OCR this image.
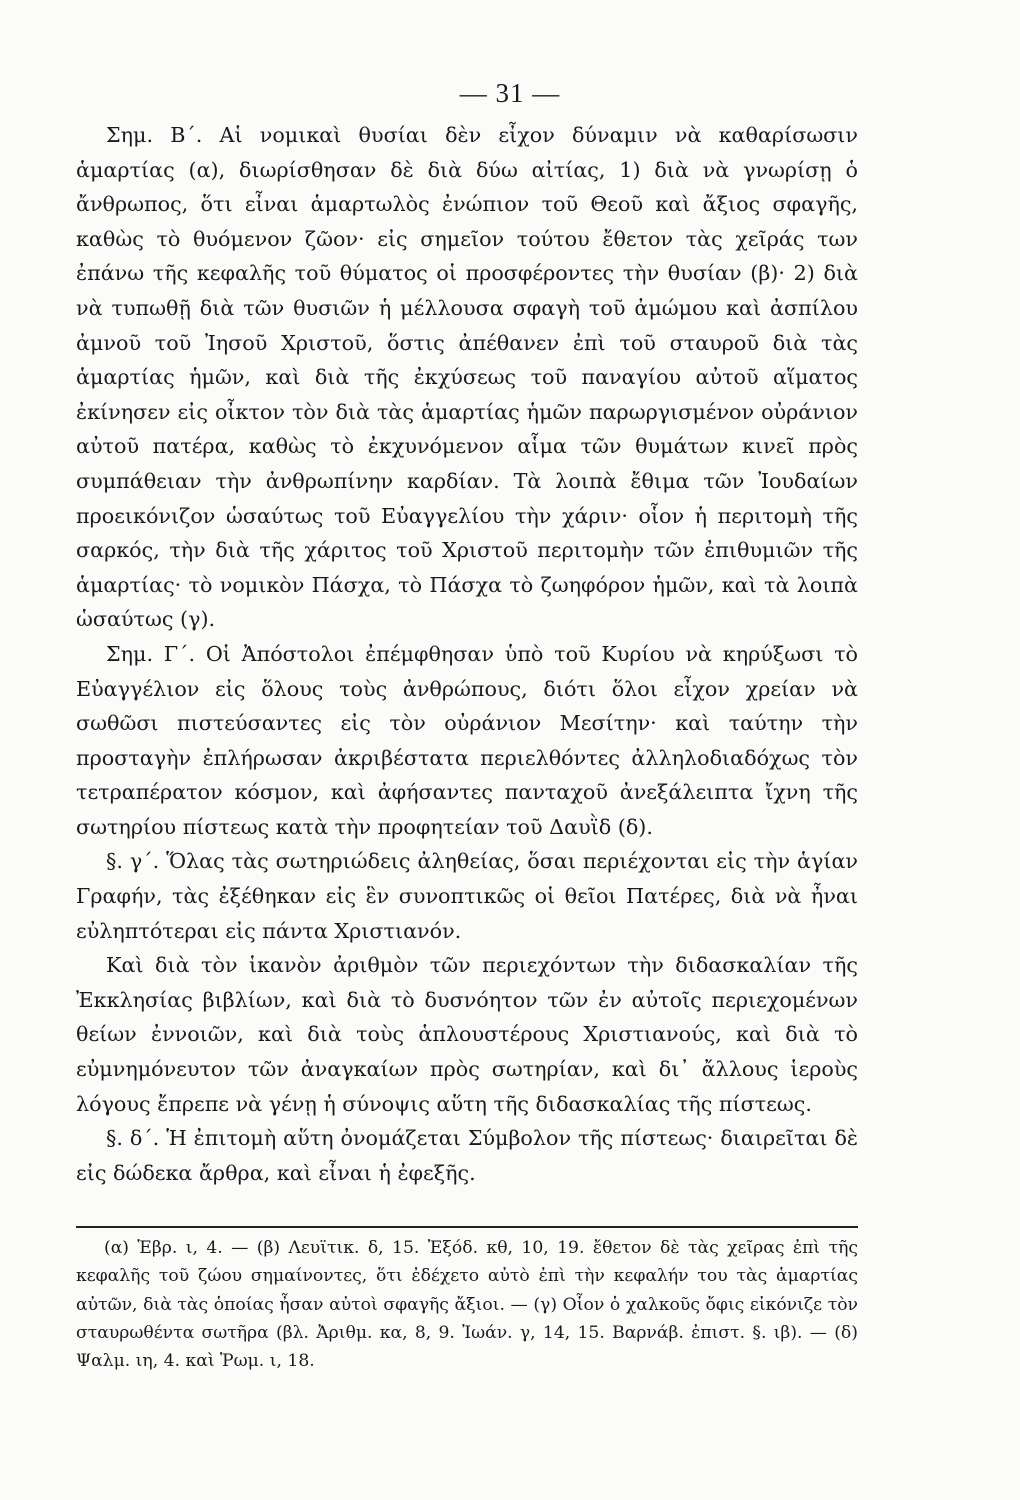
— 31 —

Σημ. Β΄. Αἱ νομικαὶ θυσίαι δὲν εἶχον δύναμιν νὰ καθαρίσωσιν ἁμαρτίας (α), διωρίσθησαν δὲ διὰ δύω αἰτίας, 1) διὰ νὰ γνωρίσῃ ὁ ἄνθρωπος, ὅτι εἶναι ἁμαρτωλὸς ἐνώπιον τοῦ Θεοῦ καὶ ἄξιος σφαγῆς, καθὼς τὸ θυόμενον ζῶον· εἰς σημεῖον τούτου ἔθετον τὰς χεῖράς των ἐπάνω τῆς κεφαλῆς τοῦ θύματος οἱ προσφέροντες τὴν θυσίαν (β)· 2) διὰ νὰ τυπωθῇ διὰ τῶν θυσιῶν ἡ μέλλουσα σφαγὴ τοῦ ἀμώμου καὶ ἀσπίλου ἀμνοῦ τοῦ Ἰησοῦ Χριστοῦ, ὅστις ἀπέθανεν ἐπὶ τοῦ σταυροῦ διὰ τὰς ἁμαρτίας ἡμῶν, καὶ διὰ τῆς ἐκχύσεως τοῦ παναγίου αὐτοῦ αἵματος ἐκίνησεν εἰς οἶκτον τὸν διὰ τὰς ἁμαρτίας ἡμῶν παρωργισμένον οὐράνιον αὐτοῦ πατέρα, καθὼς τὸ ἐκχυνόμενον αἷμα τῶν θυμάτων κινεῖ πρὸς συμπάθειαν τὴν ἀνθρωπίνην καρδίαν. Τὰ λοιπὰ ἔθιμα τῶν Ἰουδαίων προεικόνιζον ὡσαύτως τοῦ Εὐαγγελίου τὴν χάριν· οἷον ἡ περιτομὴ τῆς σαρκός, τὴν διὰ τῆς χάριτος τοῦ Χριστοῦ περιτομὴν τῶν ἐπιθυμιῶν τῆς ἁμαρτίας· τὸ νομικὸν Πάσχα, τὸ Πάσχα τὸ ζωηφόρον ἡμῶν, καὶ τὰ λοιπὰ ὡσαύτως (γ).

Σημ. Γ΄. Οἱ Ἀπόστολοι ἐπέμφθησαν ὑπὸ τοῦ Κυρίου νὰ κηρύξωσι τὸ Εὐαγγέλιον εἰς ὅλους τοὺς ἀνθρώπους, διότι ὅλοι εἶχον χρείαν νὰ σωθῶσι πιστεύσαντες εἰς τὸν οὐράνιον Μεσίτην· καὶ ταύτην τὴν προσταγὴν ἐπλήρωσαν ἀκριβέστατα περιελθόντες ἀλληλοδιαδόχως τὸν τετραπέρατον κόσμον, καὶ ἀφήσαντες πανταχοῦ ἀνεξάλειπτα ἴχνη τῆς σωτηρίου πίστεως κατὰ τὴν προφητείαν τοῦ Δαυῒδ (δ).

§. γ΄. Ὅλας τὰς σωτηριώδεις ἀληθείας, ὅσαι περιέχονται εἰς τὴν ἁγίαν Γραφήν, τὰς ἐξέθηκαν εἰς ἓν συνοπτικῶς οἱ θεῖοι Πατέρες, διὰ νὰ ἦναι εὐληπτότεραι εἰς πάντα Χριστιανόν.

Καὶ διὰ τὸν ἱκανὸν ἀριθμὸν τῶν περιεχόντων τὴν διδασκαλίαν τῆς Ἐκκλησίας βιβλίων, καὶ διὰ τὸ δυσνόητον τῶν ἐν αὐτοῖς περιεχομένων θείων ἐννοιῶν, καὶ διὰ τοὺς ἁπλουστέρους Χριστιανούς, καὶ διὰ τὸ εὐμνημόνευτον τῶν ἀναγκαίων πρὸς σωτηρίαν, καὶ δι᾽ ἄλλους ἱεροὺς λόγους ἔπρεπε νὰ γένῃ ἡ σύνοψις αὕτη τῆς διδασκαλίας τῆς πίστεως.

§. δ΄. Ἡ ἐπιτομὴ αὕτη ὀνομάζεται Σύμβολον τῆς πίστεως· διαιρεῖται δὲ εἰς δώδεκα ἄρθρα, καὶ εἶναι ἡ ἐφεξῆς.

(α) Ἑβρ. ι, 4. — (β) Λευϊτικ. δ, 15. Ἐξόδ. κθ, 10, 19. ἔθετον δὲ τὰς χεῖρας ἐπὶ τῆς κεφαλῆς τοῦ ζώου σημαίνοντες, ὅτι ἐδέχετο αὐτὸ ἐπὶ τὴν κεφαλήν του τὰς ἁμαρτίας αὐτῶν, διὰ τὰς ὁποίας ἦσαν αὐτοὶ σφαγῆς ἄξιοι. — (γ) Οἷον ὁ χαλκοῦς ὄφις εἰκόνιζε τὸν σταυρωθέντα σωτῆρα (βλ. Ἀριθμ. κα, 8, 9. Ἰωάν. γ, 14, 15. Βαρνάβ. ἐπιστ. §. ιβ). — (δ) Ψαλμ. ιη, 4. καὶ Ῥωμ. ι, 18.
